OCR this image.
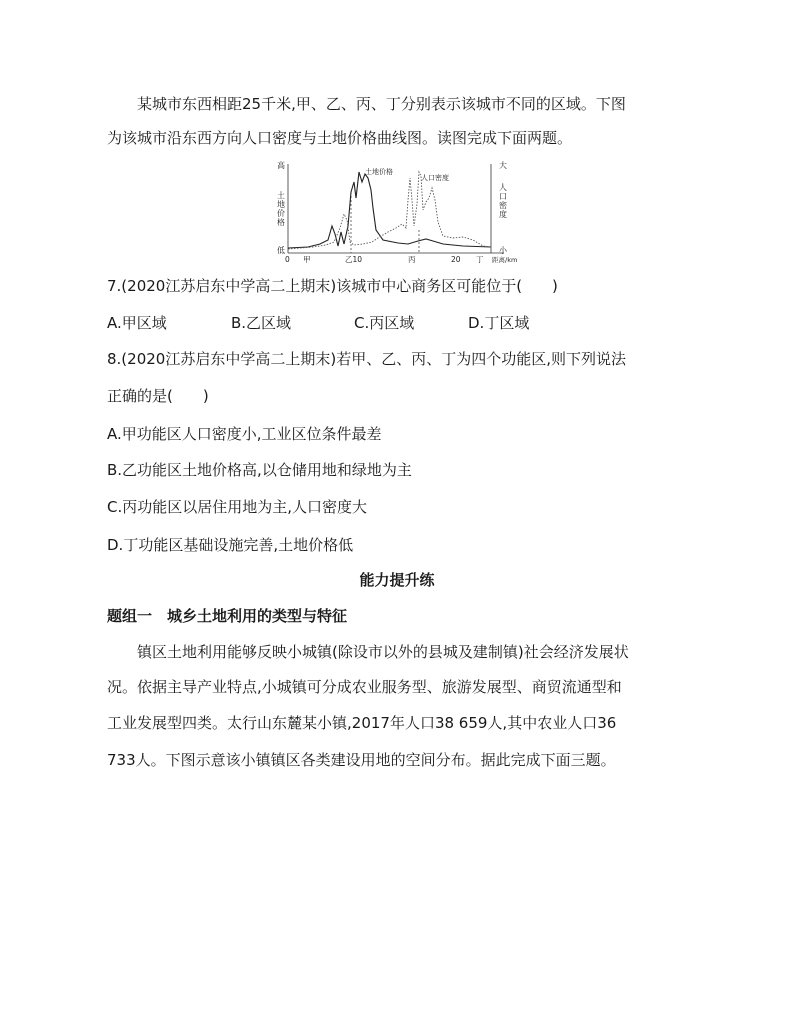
某城市东西相距25千米,甲、乙、丙、丁分别表示该城市不同的区域。下图
为该城市沿东西方向人口密度与土地价格曲线图。读图完成下面两题。
高
土
地
价
格
低
大
人
口
密
度
小
土地价格
人口密度
0 甲	乙10	丙	20 丁 距离/km
7.(2020江苏启东中学高二上期末)该城市中心商务区可能位于(　　)
A.甲区域	B.乙区域	C.丙区域	D.丁区域
8.(2020江苏启东中学高二上期末)若甲、乙、丙、丁为四个功能区,则下列说法
正确的是(　　)
A.甲功能区人口密度小,工业区位条件最差
B.乙功能区土地价格高,以仓储用地和绿地为主
C.丙功能区以居住用地为主,人口密度大
D.丁功能区基础设施完善,土地价格低
能力提升练
题组一　城乡土地利用的类型与特征
镇区土地利用能够反映小城镇(除设市以外的县城及建制镇)社会经济发展状
况。依据主导产业特点,小城镇可分成农业服务型、旅游发展型、商贸流通型和
工业发展型四类。太行山东麓某小镇,2017年人口38 659人,其中农业人口36
733人。下图示意该小镇镇区各类建设用地的空间分布。据此完成下面三题。
